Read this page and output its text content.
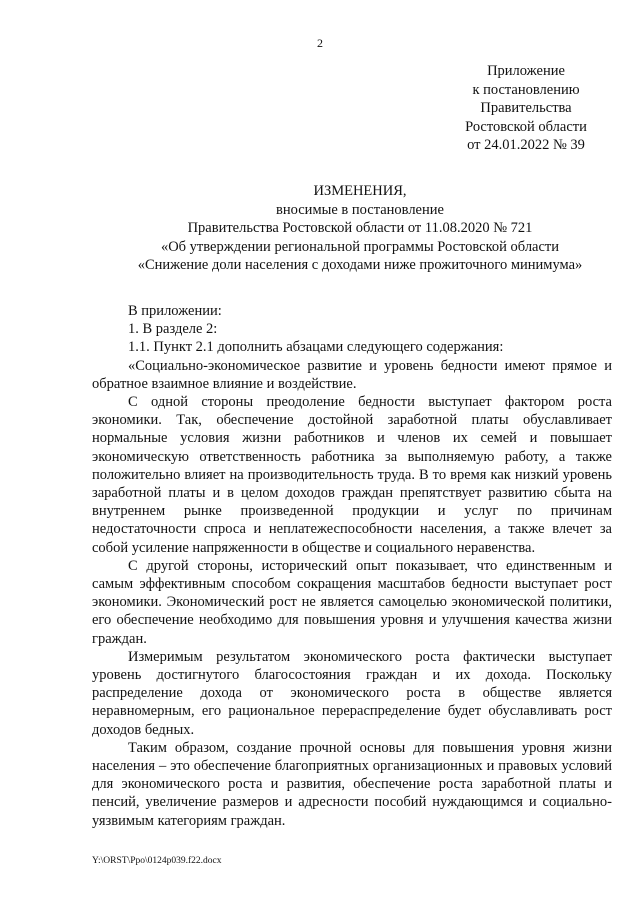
2
Приложение
к постановлению
Правительства
Ростовской области
от 24.01.2022 № 39
ИЗМЕНЕНИЯ,
вносимые в постановление
Правительства Ростовской области от 11.08.2020 № 721
«Об утверждении региональной программы Ростовской области
«Снижение доли населения с доходами ниже прожиточного минимума»
В приложении:
1. В разделе 2:
1.1. Пункт 2.1 дополнить абзацами следующего содержания:

«Социально-экономическое развитие и уровень бедности имеют прямое и обратное взаимное влияние и воздействие.

С одной стороны преодоление бедности выступает фактором роста экономики. Так, обеспечение достойной заработной платы обуславливает нормальные условия жизни работников и членов их семей и повышает экономическую ответственность работника за выполняемую работу, а также положительно влияет на производительность труда. В то время как низкий уровень заработной платы и в целом доходов граждан препятствует развитию сбыта на внутреннем рынке произведенной продукции и услуг по причинам недостаточности спроса и неплатежеспособности населения, а также влечет за собой усиление напряженности в обществе и социального неравенства.

С другой стороны, исторический опыт показывает, что единственным и самым эффективным способом сокращения масштабов бедности выступает рост экономики. Экономический рост не является самоцелью экономической политики, его обеспечение необходимо для повышения уровня и улучшения качества жизни граждан.

Измеримым результатом экономического роста фактически выступает уровень достигнутого благосостояния граждан и их дохода. Поскольку распределение дохода от экономического роста в обществе является неравномерным, его рациональное перераспределение будет обуславливать рост доходов бедных.

Таким образом, создание прочной основы для повышения уровня жизни населения – это обеспечение благоприятных организационных и правовых условий для экономического роста и развития, обеспечение роста заработной платы и пенсий, увеличение размеров и адресности пособий нуждающимся и социально-уязвимым категориям граждан.

Y:\ORST\Ppo\0124p039.f22.docx
